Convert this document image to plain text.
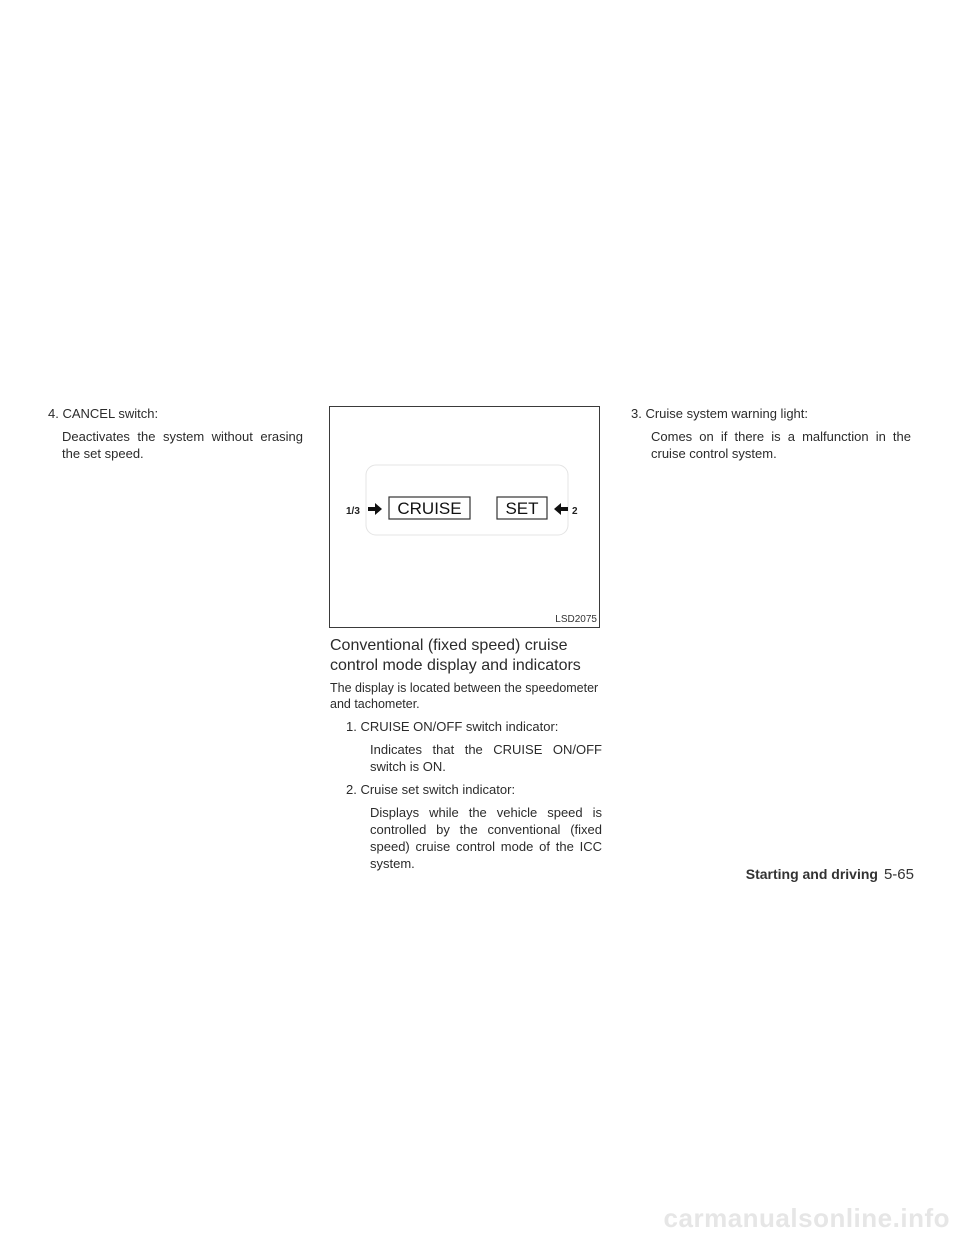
4. CANCEL switch:

Deactivates the system without erasing the set speed.

1/3 CRUISE	SET	2
LSD2075
Conventional (fixed speed) cruise control mode display and indicators

The display is located between the speedometer and tachometer.

1. CRUISE ON/OFF switch indicator:

Indicates that the CRUISE ON/OFF switch is ON.

2. Cruise set switch indicator:

Displays while the vehicle speed is controlled by the conventional (fixed speed) cruise control mode of the ICC system.

3. Cruise system warning light:

Comes on if there is a malfunction in the cruise control system.

Starting and driving 5-65
carmanualsonline.info
